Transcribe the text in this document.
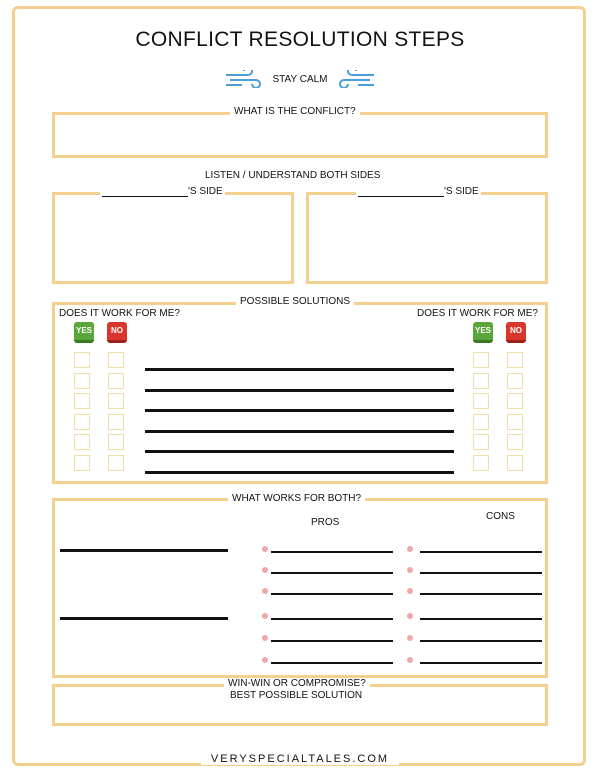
CONFLICT RESOLUTION STEPS
STAY CALM
WHAT IS THE CONFLICT?
LISTEN / UNDERSTAND BOTH SIDES
'S SIDE	'S SIDE
POSSIBLE SOLUTIONS
DOES IT WORK FOR ME?	DOES IT WORK FOR ME?
YES	NO	YES	NO
WHAT WORKS FOR BOTH?
PROS
CONS
WIN-WIN OR COMPROMISE?
BEST POSSIBLE SOLUTION
VERYSPECIALTALES.COM
